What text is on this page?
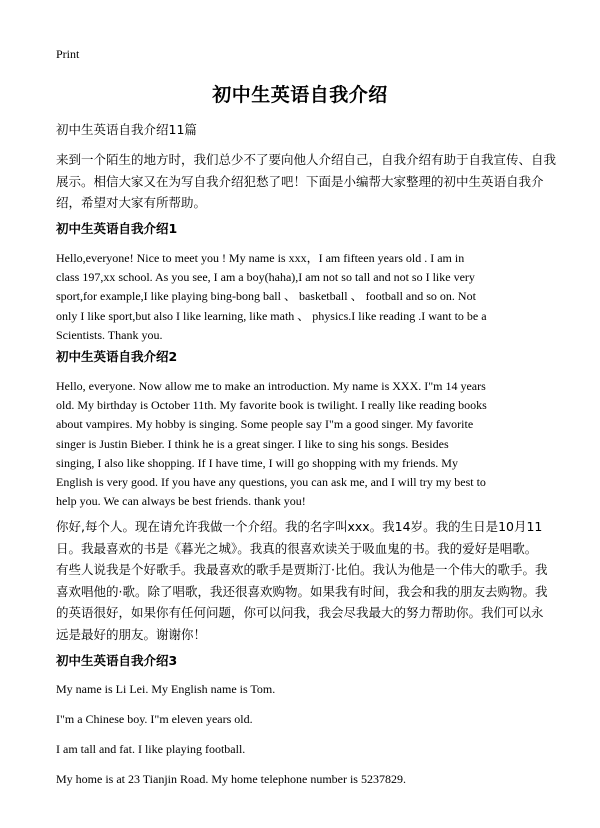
Print
初中生英语自我介绍
初中生英语自我介绍11篇
来到一个陌生的地方时，我们总少不了要向他人介绍自己，自我介绍有助于自我宣传、自我展示。相信大家又在为写自我介绍犯愁了吧！下面是小编帮大家整理的初中生英语自我介绍，希望对大家有所帮助。
初中生英语自我介绍1
Hello,everyone! Nice to meet you ! My name is xxx，I am fifteen years old . I am in
class 197,xx school. As you see, I am a boy(haha),I am not so tall and not so I like very
sport,for example,I like playing bing-bong ball 、 basketball 、 football and so on. Not
only I like sport,but also I like learning, like math 、 physics.I like reading .I want to be a
Scientists. Thank you.
初中生英语自我介绍2
Hello, everyone. Now allow me to make an introduction. My name is XXX. I"m 14 years
old. My birthday is October 11th. My favorite book is twilight. I really like reading books
about vampires. My hobby is singing. Some people say I"m a good singer. My favorite
singer is Justin Bieber. I think he is a great singer. I like to sing his songs. Besides
singing, I also like shopping. If I have time, I will go shopping with my friends. My
English is very good. If you have any questions, you can ask me, and I will try my best to
help you. We can always be best friends. thank you!
你好,每个人。现在请允许我做一个介绍。我的名字叫xxx。我14岁。我的生日是10月11日。我最喜欢的书是《暮光之城》。我真的很喜欢读关于吸血鬼的书。我的爱好是唱歌。有些人说我是个好歌手。我最喜欢的歌手是贾斯汀·比伯。我认为他是一个伟大的歌手。我喜欢唱他的·歌。除了唱歌，我还很喜欢购物。如果我有时间，我会和我的朋友去购物。我的英语很好，如果你有任何问题，你可以问我，我会尽我最大的努力帮助你。我们可以永远是最好的朋友。谢谢你！
初中生英语自我介绍3
My name is Li Lei. My English name is Tom.
I"m a Chinese boy. I"m eleven years old.
I am tall and fat. I like playing football.
My home is at 23 Tianjin Road. My home telephone number is 5237829.
